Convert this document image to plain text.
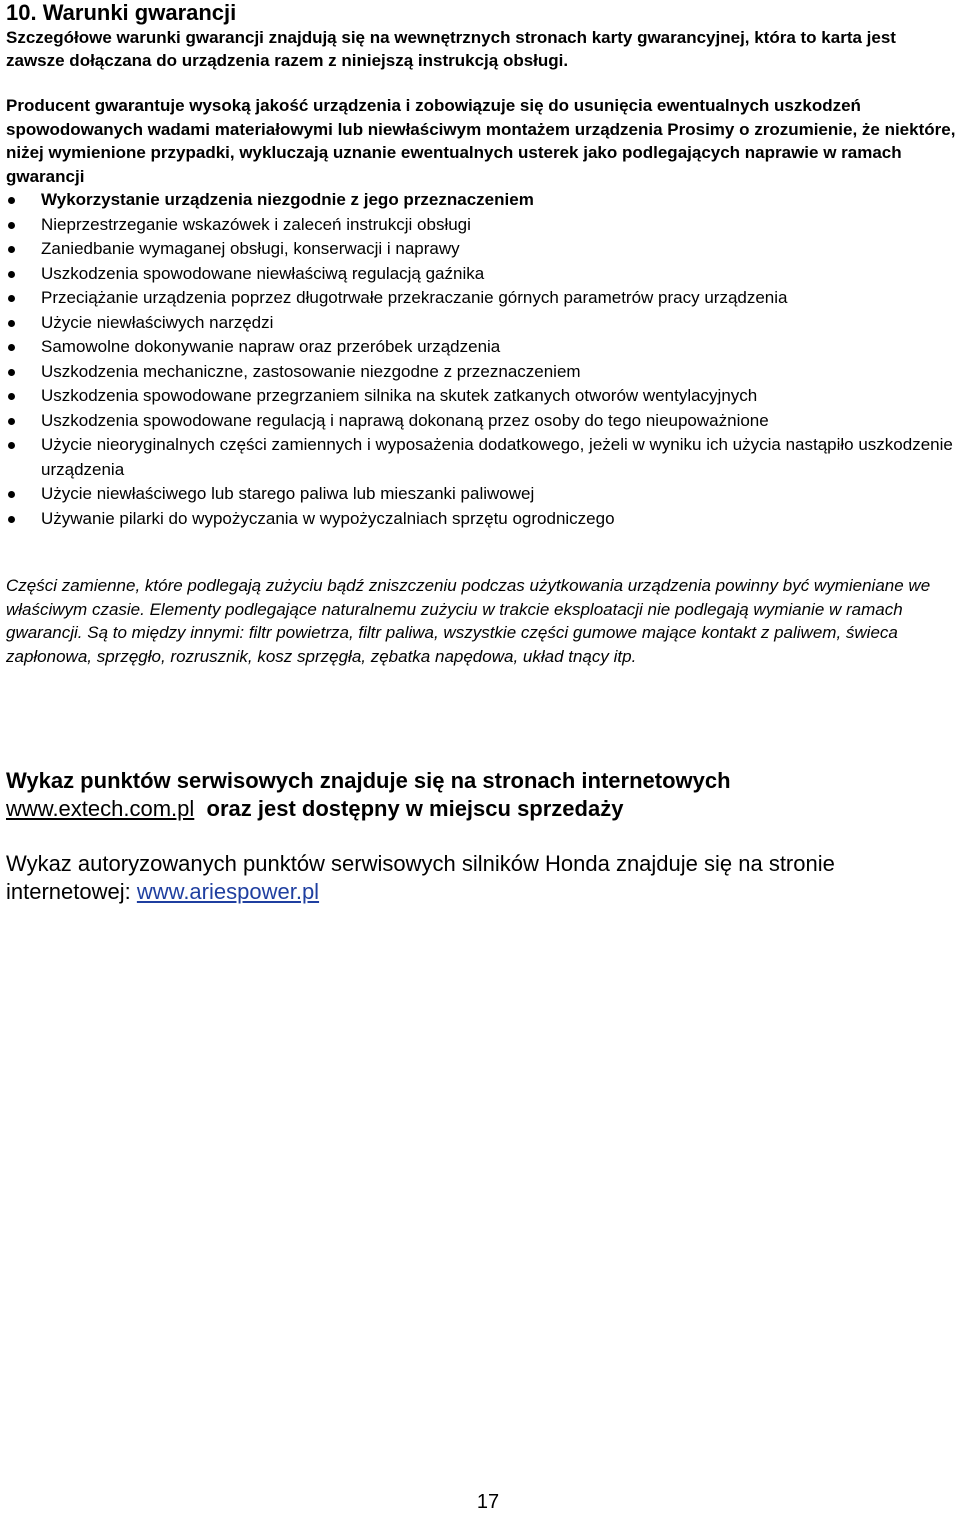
10. Warunki gwarancji

Szczegółowe warunki gwarancji znajdują się na wewnętrznych stronach karty gwarancyjnej, która to karta jest zawsze dołączana do urządzenia razem z niniejszą instrukcją obsługi.

Producent gwarantuje wysoką jakość urządzenia i zobowiązuje się do usunięcia ewentualnych uszkodzeń spowodowanych wadami materiałowymi lub niewłaściwym montażem urządzenia Prosimy o zrozumienie, że niektóre, niżej wymienione przypadki, wykluczają uznanie ewentualnych usterek jako podlegających naprawie w ramach gwarancji

Wykorzystanie urządzenia niezgodnie z jego przeznaczeniem
Nieprzestrzeganie wskazówek i zaleceń instrukcji obsługi
Zaniedbanie wymaganej obsługi, konserwacji i naprawy
Uszkodzenia spowodowane niewłaściwą regulacją gaźnika
Przeciążanie urządzenia poprzez długotrwałe przekraczanie górnych parametrów pracy urządzenia
Użycie niewłaściwych narzędzi
Samowolne dokonywanie napraw oraz przeróbek urządzenia
Uszkodzenia mechaniczne, zastosowanie niezgodne z przeznaczeniem
Uszkodzenia spowodowane przegrzaniem silnika na skutek zatkanych otworów wentylacyjnych
Uszkodzenia spowodowane regulacją i naprawą dokonaną przez osoby do tego nieupoważnione
Użycie nieoryginalnych części zamiennych i wyposażenia dodatkowego, jeżeli w wyniku ich użycia nastąpiło uszkodzenie urządzenia
Użycie niewłaściwego lub starego paliwa lub mieszanki paliwowej
Używanie pilarki do wypożyczania w wypożyczalniach sprzętu ogrodniczego

Części zamienne, które podlegają zużyciu bądź zniszczeniu podczas użytkowania urządzenia powinny być wymieniane we właściwym czasie. Elementy podlegające naturalnemu zużyciu w trakcie eksploatacji nie podlegają wymianie w ramach gwarancji. Są to między innymi: filtr powietrza, filtr paliwa, wszystkie części gumowe mające kontakt z paliwem, świeca zapłonowa, sprzęgło, rozrusznik, kosz sprzęgła, zębatka napędowa, układ tnący itp.

Wykaz punktów serwisowych znajduje się na stronach internetowych
www.extech.com.pl oraz jest dostępny w miejscu sprzedaży

Wykaz autoryzowanych punktów serwisowych silników Honda znajduje się na stronie internetowej: www.ariespower.pl

17
